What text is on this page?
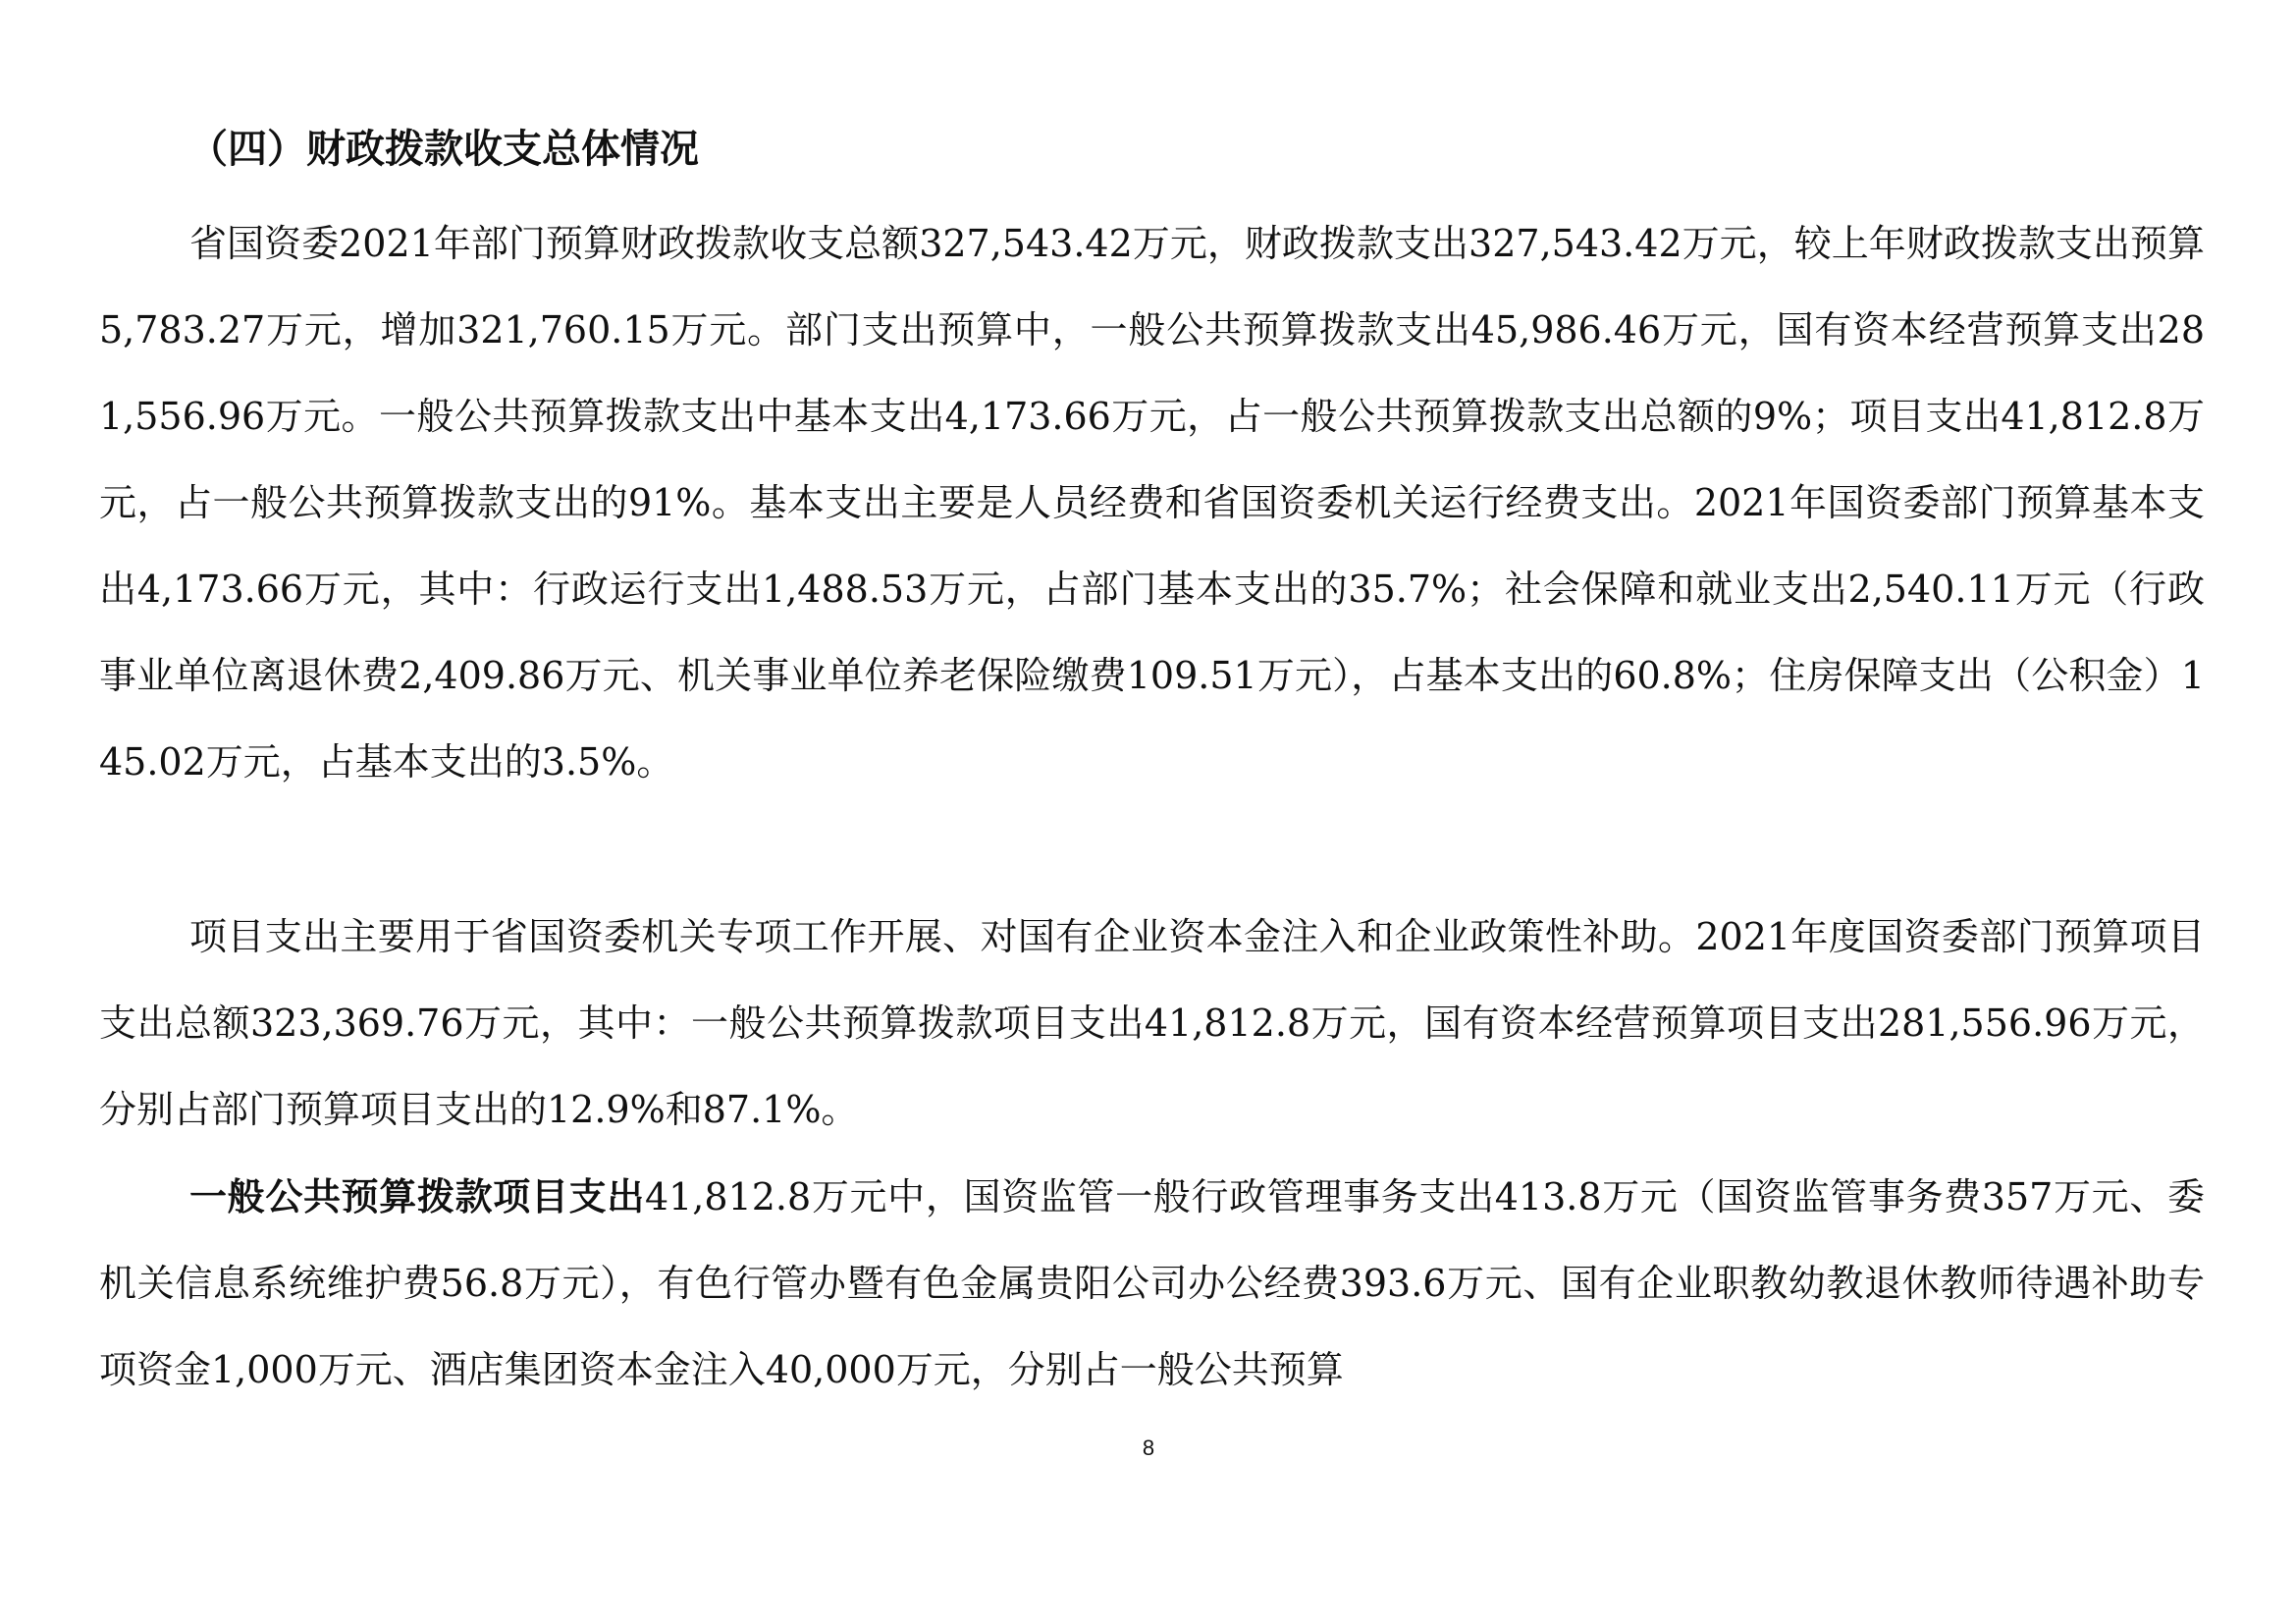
（四）财政拨款收支总体情况

省国资委2021年部门预算财政拨款收支总额327,543.42万元，财政拨款支出327,543.42万元，较上年财政拨款支出预算5,783.27万元，增加321,760.15万元。部门支出预算中，一般公共预算拨款支出45,986.46万元，国有资本经营预算支出281,556.96万元。一般公共预算拨款支出中基本支出4,173.66万元，占一般公共预算拨款支出总额的9%；项目支出41,812.8万元，占一般公共预算拨款支出的91%。基本支出主要是人员经费和省国资委机关运行经费支出。2021年国资委部门预算基本支出4,173.66万元，其中：行政运行支出1,488.53万元，占部门基本支出的35.7%；社会保障和就业支出2,540.11万元（行政事业单位离退休费2,409.86万元、机关事业单位养老保险缴费109.51万元），占基本支出的60.8%；住房保障支出（公积金）145.02万元，占基本支出的3.5%。

项目支出主要用于省国资委机关专项工作开展、对国有企业资本金注入和企业政策性补助。2021年度国资委部门预算项目支出总额323,369.76万元，其中：一般公共预算拨款项目支出41,812.8万元，国有资本经营预算项目支出281,556.96万元，分别占部门预算项目支出的12.9%和87.1%。

一般公共预算拨款项目支出41,812.8万元中，国资监管一般行政管理事务支出413.8万元（国资监管事务费357万元、委机关信息系统维护费56.8万元），有色行管办暨有色金属贵阳公司办公经费393.6万元、国有企业职教幼教退休教师待遇补助专项资金1,000万元、酒店集团资本金注入40,000万元，分别占一般公共预算

8
